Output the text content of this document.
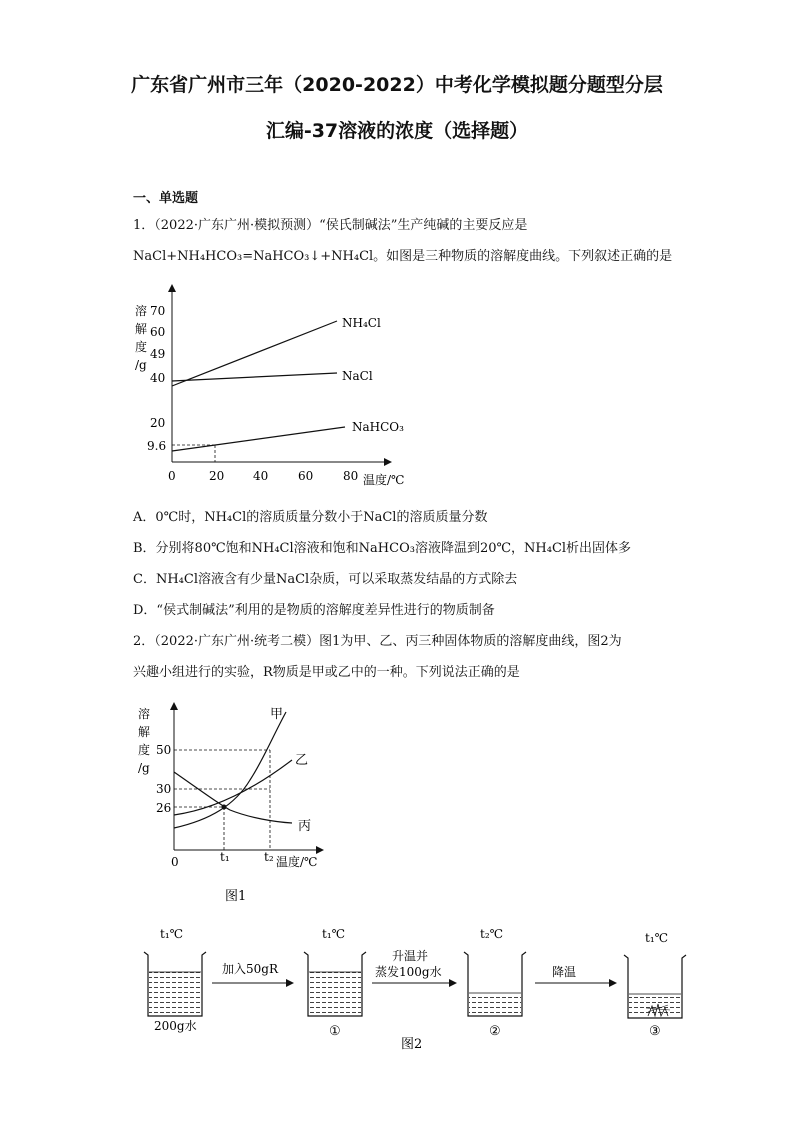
广东省广州市三年（2020-2022）中考化学模拟题分题型分层
汇编-37溶液的浓度（选择题）
一、单选题
1．（2022·广东广州·模拟预测）“侯氏制碱法”生产纯碱的主要反应是
NaCl+NH₄HCO₃=NaHCO₃↓+NH₄Cl。如图是三种物质的溶解度曲线。下列叙述正确的是
溶
解
度
/g
70
60
49
40
20
9.6
0	20 40 60 80 温度/℃
NH₄Cl
NaCl
NaHCO₃
A．0℃时，NH₄Cl的溶质质量分数小于NaCl的溶质质量分数
B．分别将80℃饱和NH₄Cl溶液和饱和NaHCO₃溶液降温到20℃，NH₄Cl析出固体多
C．NH₄Cl溶液含有少量NaCl杂质，可以采取蒸发结晶的方式除去
D．“侯式制碱法”利用的是物质的溶解度差异性进行的物质制备
2．（2022·广东广州·统考二模）图1为甲、乙、丙三种固体物质的溶解度曲线，图2为
兴趣小组进行的实验，R物质是甲或乙中的一种。下列说法正确的是
溶
解
度
/g
50
30
26
0	t₁	t₂ 温度/℃
甲
乙
丙
图1
t₁℃
200g水
加入50gR
t₁℃
①
升温并
蒸发100g水
t₂℃
②
降温
t₁℃
③
图2
